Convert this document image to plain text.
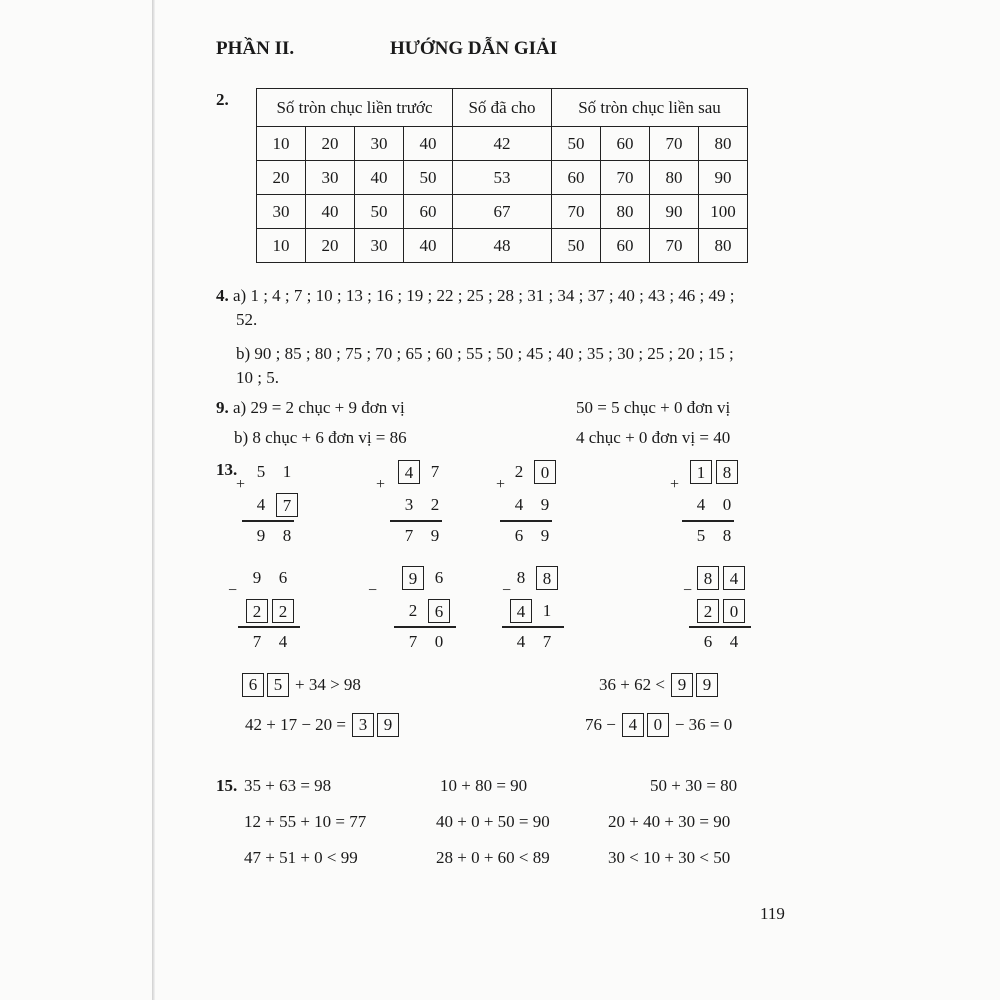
PHẦN II.	HƯỚNG DẪN GIẢI
2.	Số tròn chục liền trước				Số đã cho	Số tròn chục liền sau			
10	20	30	40	42	50	60	70	80
20	30	40	50	53	60	70	80	90
30	40	50	60	67	70	80	90	100
10	20	30	40	48	50	60	70	80
4. a) 1 ; 4 ; 7 ; 10 ; 13 ; 16 ; 19 ; 22 ; 25 ; 28 ; 31 ; 34 ; 37 ; 40 ; 43 ; 46 ; 49 ;
52.
b) 90 ; 85 ; 80 ; 75 ; 70 ; 65 ; 60 ; 55 ; 50 ; 45 ; 40 ; 35 ; 30 ; 25 ; 20 ; 15 ;
10 ; 5.
9. a) 29 = 2 chục + 9 đơn vị	50 = 5 chục + 0 đơn vị
b) 8 chục + 6 đơn vị = 86	4 chục + 0 đơn vị = 40
13.	5	1
4	7
9	8
+
4	7
3	2
7	9
+
2	0
4	9
6	9
+
1	8
4	0
5	8
+
9	6
2	2
7	4
−
9	6
2	6
7	0
−
8	8
4	1
4	7
−
8	4
2	0
6	4
−
6 5 + 34 > 98	36 + 62 < 9 9
42 + 17 − 20 = 3 9	76 − 4 0 − 36 = 0
15. 35 + 63 = 98	10 + 80 = 90	50 + 30 = 80
12 + 55 + 10 = 77	40 + 0 + 50 = 90	20 + 40 + 30 = 90
47 + 51 + 0 < 99	28 + 0 + 60 < 89	30 < 10 + 30 < 50
119
